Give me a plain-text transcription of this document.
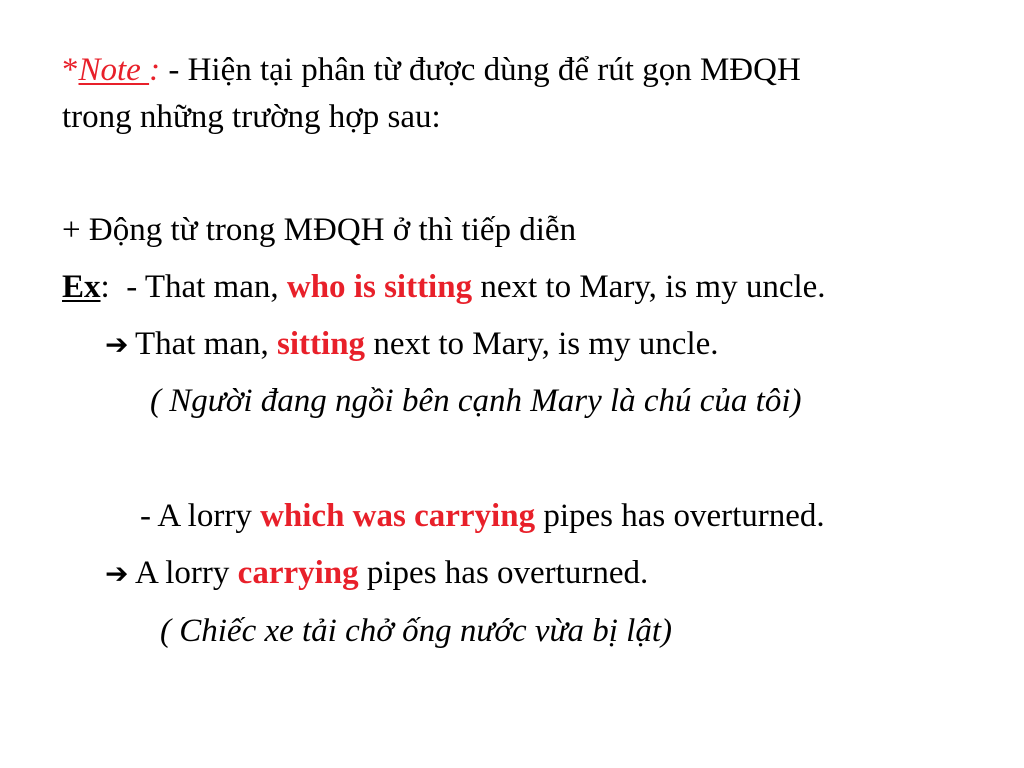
*Note : - Hiện tại phân từ được dùng để rút gọn MĐQH
trong những trường hợp sau:
+ Động từ trong MĐQH ở thì tiếp diễn
Ex:  - That man, who is sitting next to Mary, is my uncle.
➔ That man, sitting next to Mary, is my uncle.
( Người đang ngồi bên cạnh Mary là chú của tôi)
- A lorry which was carrying pipes has overturned.
➔ A lorry carrying pipes has overturned.
( Chiếc xe tải chở ống nước vừa bị lật)
